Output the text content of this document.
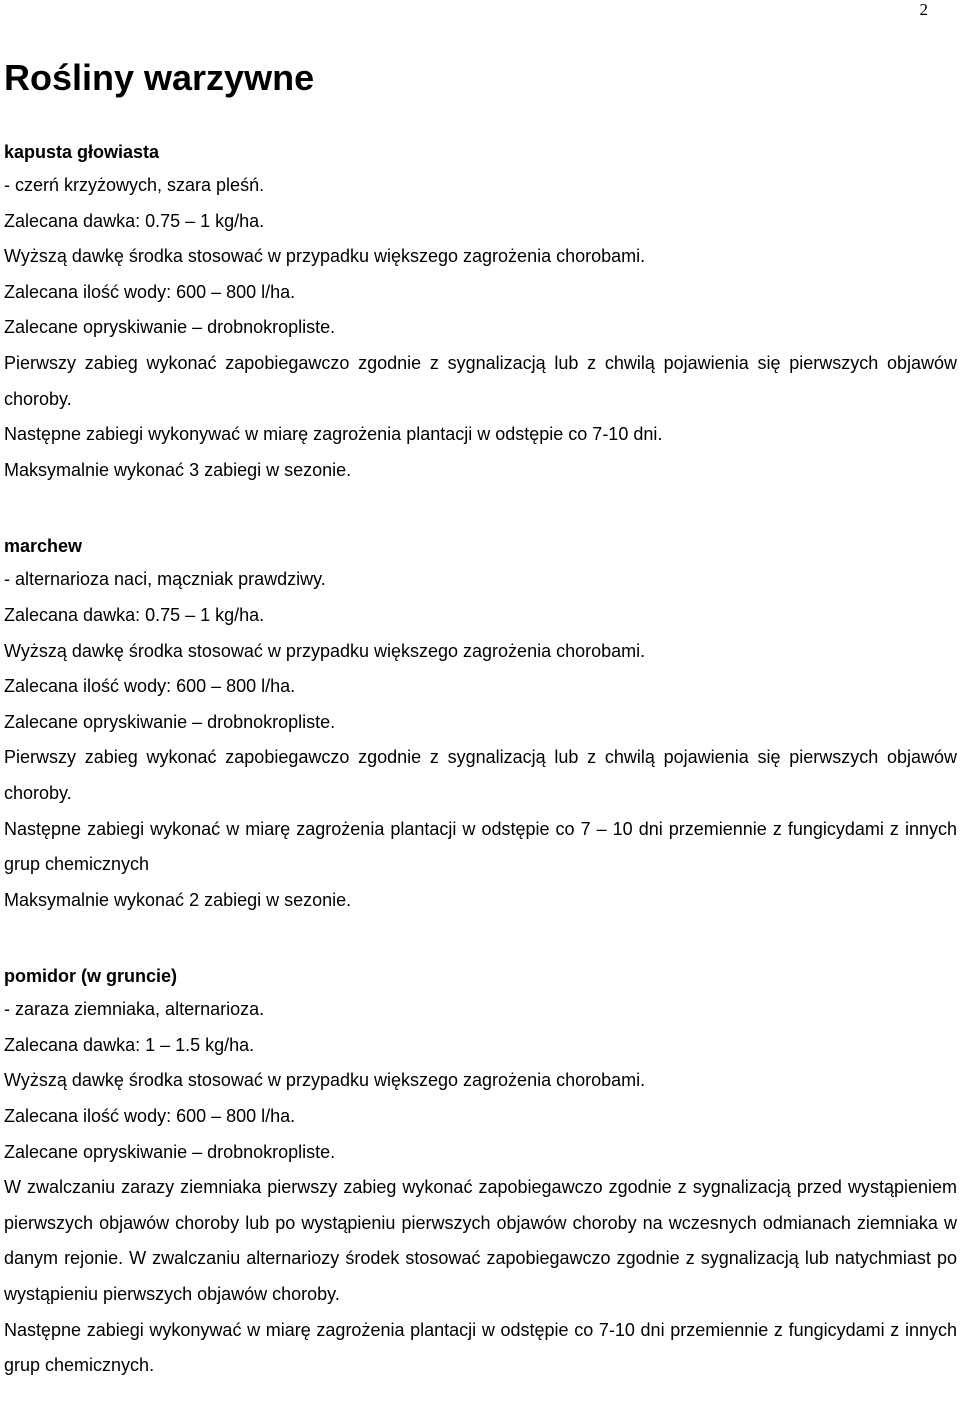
2
Rośliny warzywne

kapusta głowiasta

- czerń krzyżowych, szara pleśń.

Zalecana dawka: 0.75 – 1 kg/ha.

Wyższą dawkę środka stosować w przypadku większego zagrożenia chorobami.

Zalecana ilość wody: 600 – 800 l/ha.

Zalecane opryskiwanie – drobnokropliste.

Pierwszy zabieg wykonać zapobiegawczo zgodnie z sygnalizacją lub z chwilą pojawienia się pierwszych objawów choroby.

Następne zabiegi wykonywać w miarę zagrożenia plantacji w odstępie co 7-10 dni.

Maksymalnie wykonać 3 zabiegi w sezonie.

marchew

- alternarioza naci, mączniak prawdziwy.

Zalecana dawka: 0.75 – 1 kg/ha.

Wyższą dawkę środka stosować w przypadku większego zagrożenia chorobami.

Zalecana ilość wody: 600 – 800 l/ha.

Zalecane opryskiwanie – drobnokropliste.

Pierwszy zabieg wykonać zapobiegawczo zgodnie z sygnalizacją lub z chwilą pojawienia się pierwszych objawów choroby.

Następne zabiegi wykonać w miarę zagrożenia plantacji w odstępie co 7 – 10 dni przemiennie z fungicydami z innych grup chemicznych

Maksymalnie wykonać 2 zabiegi w sezonie.

pomidor (w gruncie)

- zaraza ziemniaka, alternarioza.

Zalecana dawka: 1 – 1.5 kg/ha.

Wyższą dawkę środka stosować w przypadku większego zagrożenia chorobami.

Zalecana ilość wody: 600 – 800 l/ha.

Zalecane opryskiwanie – drobnokropliste.

W zwalczaniu zarazy ziemniaka pierwszy zabieg wykonać zapobiegawczo zgodnie z sygnalizacją przed wystąpieniem pierwszych objawów choroby lub po wystąpieniu pierwszych objawów choroby na wczesnych odmianach ziemniaka w danym rejonie. W zwalczaniu alternariozy środek stosować zapobiegawczo zgodnie z sygnalizacją lub natychmiast po wystąpieniu pierwszych objawów choroby.

Następne zabiegi wykonywać w miarę zagrożenia plantacji w odstępie co 7-10 dni przemiennie z fungicydami z innych grup chemicznych.
